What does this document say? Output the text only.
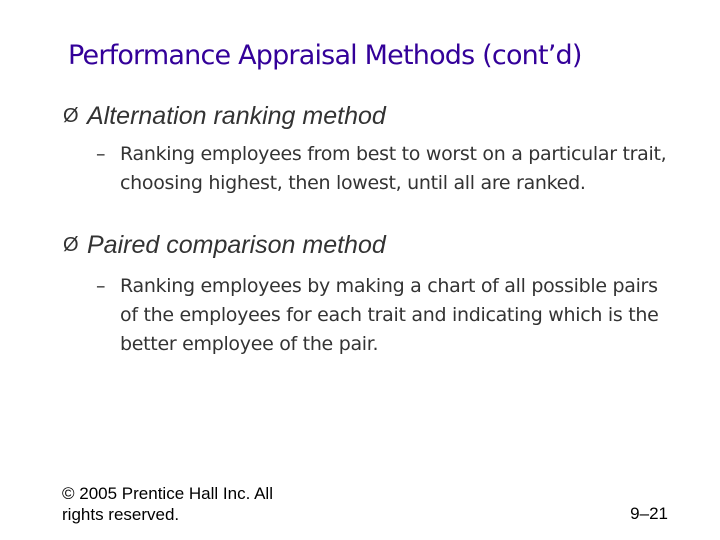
Performance Appraisal Methods (cont’d)
Ø Alternation ranking method
– Ranking employees from best to worst on a particular trait, choosing highest, then lowest, until all are ranked.
Ø Paired comparison method
– Ranking employees by making a chart of all possible pairs of the employees for each trait and indicating which is the better employee of the pair.
© 2005 Prentice Hall Inc. All rights reserved.	9–21
